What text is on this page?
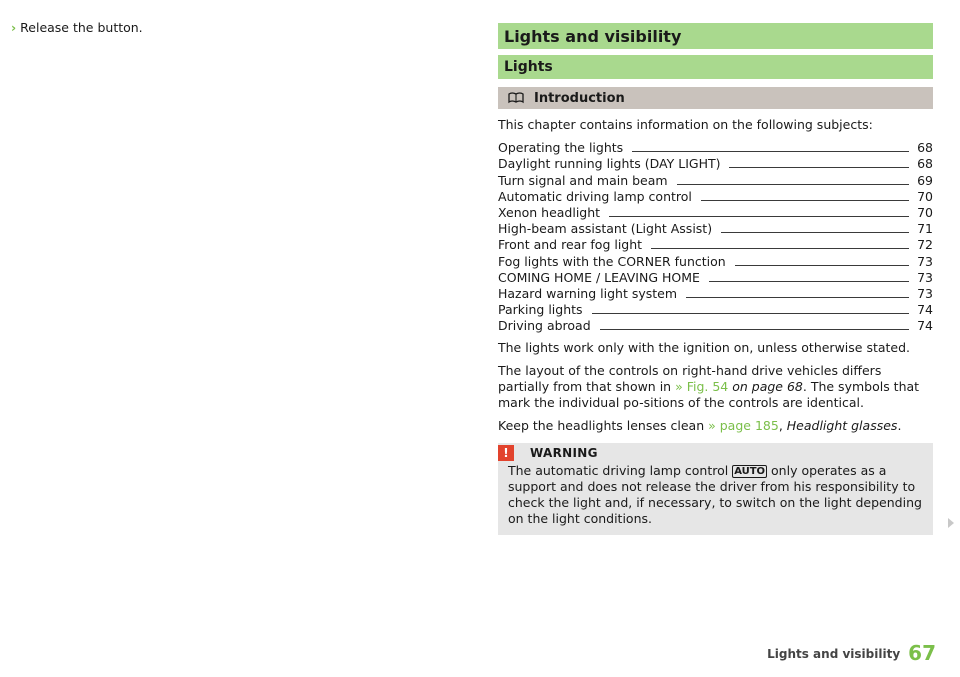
› Release the button.	Lights and visibility
Lights
Introduction
This chapter contains information on the following subjects:
Operating the lights	68
Daylight running lights (DAY LIGHT)	68
Turn signal and main beam	69
Automatic driving lamp control	70
Xenon headlight	70
High-beam assistant (Light Assist)	71
Front and rear fog light	72
Fog lights with the CORNER function	73
COMING HOME / LEAVING HOME	73
Hazard warning light system	73
Parking lights	74
Driving abroad	74
The lights work only with the ignition on, unless otherwise stated.
The layout of the controls on right-hand drive vehicles differs partially from that shown in » Fig. 54 on page 68. The symbols that mark the individual po-sitions of the controls are identical.
Keep the headlights lenses clean » page 185, Headlight glasses.
!	WARNING
The automatic driving lamp control AUTO only operates as a support and does not release the driver from his responsibility to check the light and, if necessary, to switch on the light depending on the light conditions.
Lights and visibility 67
